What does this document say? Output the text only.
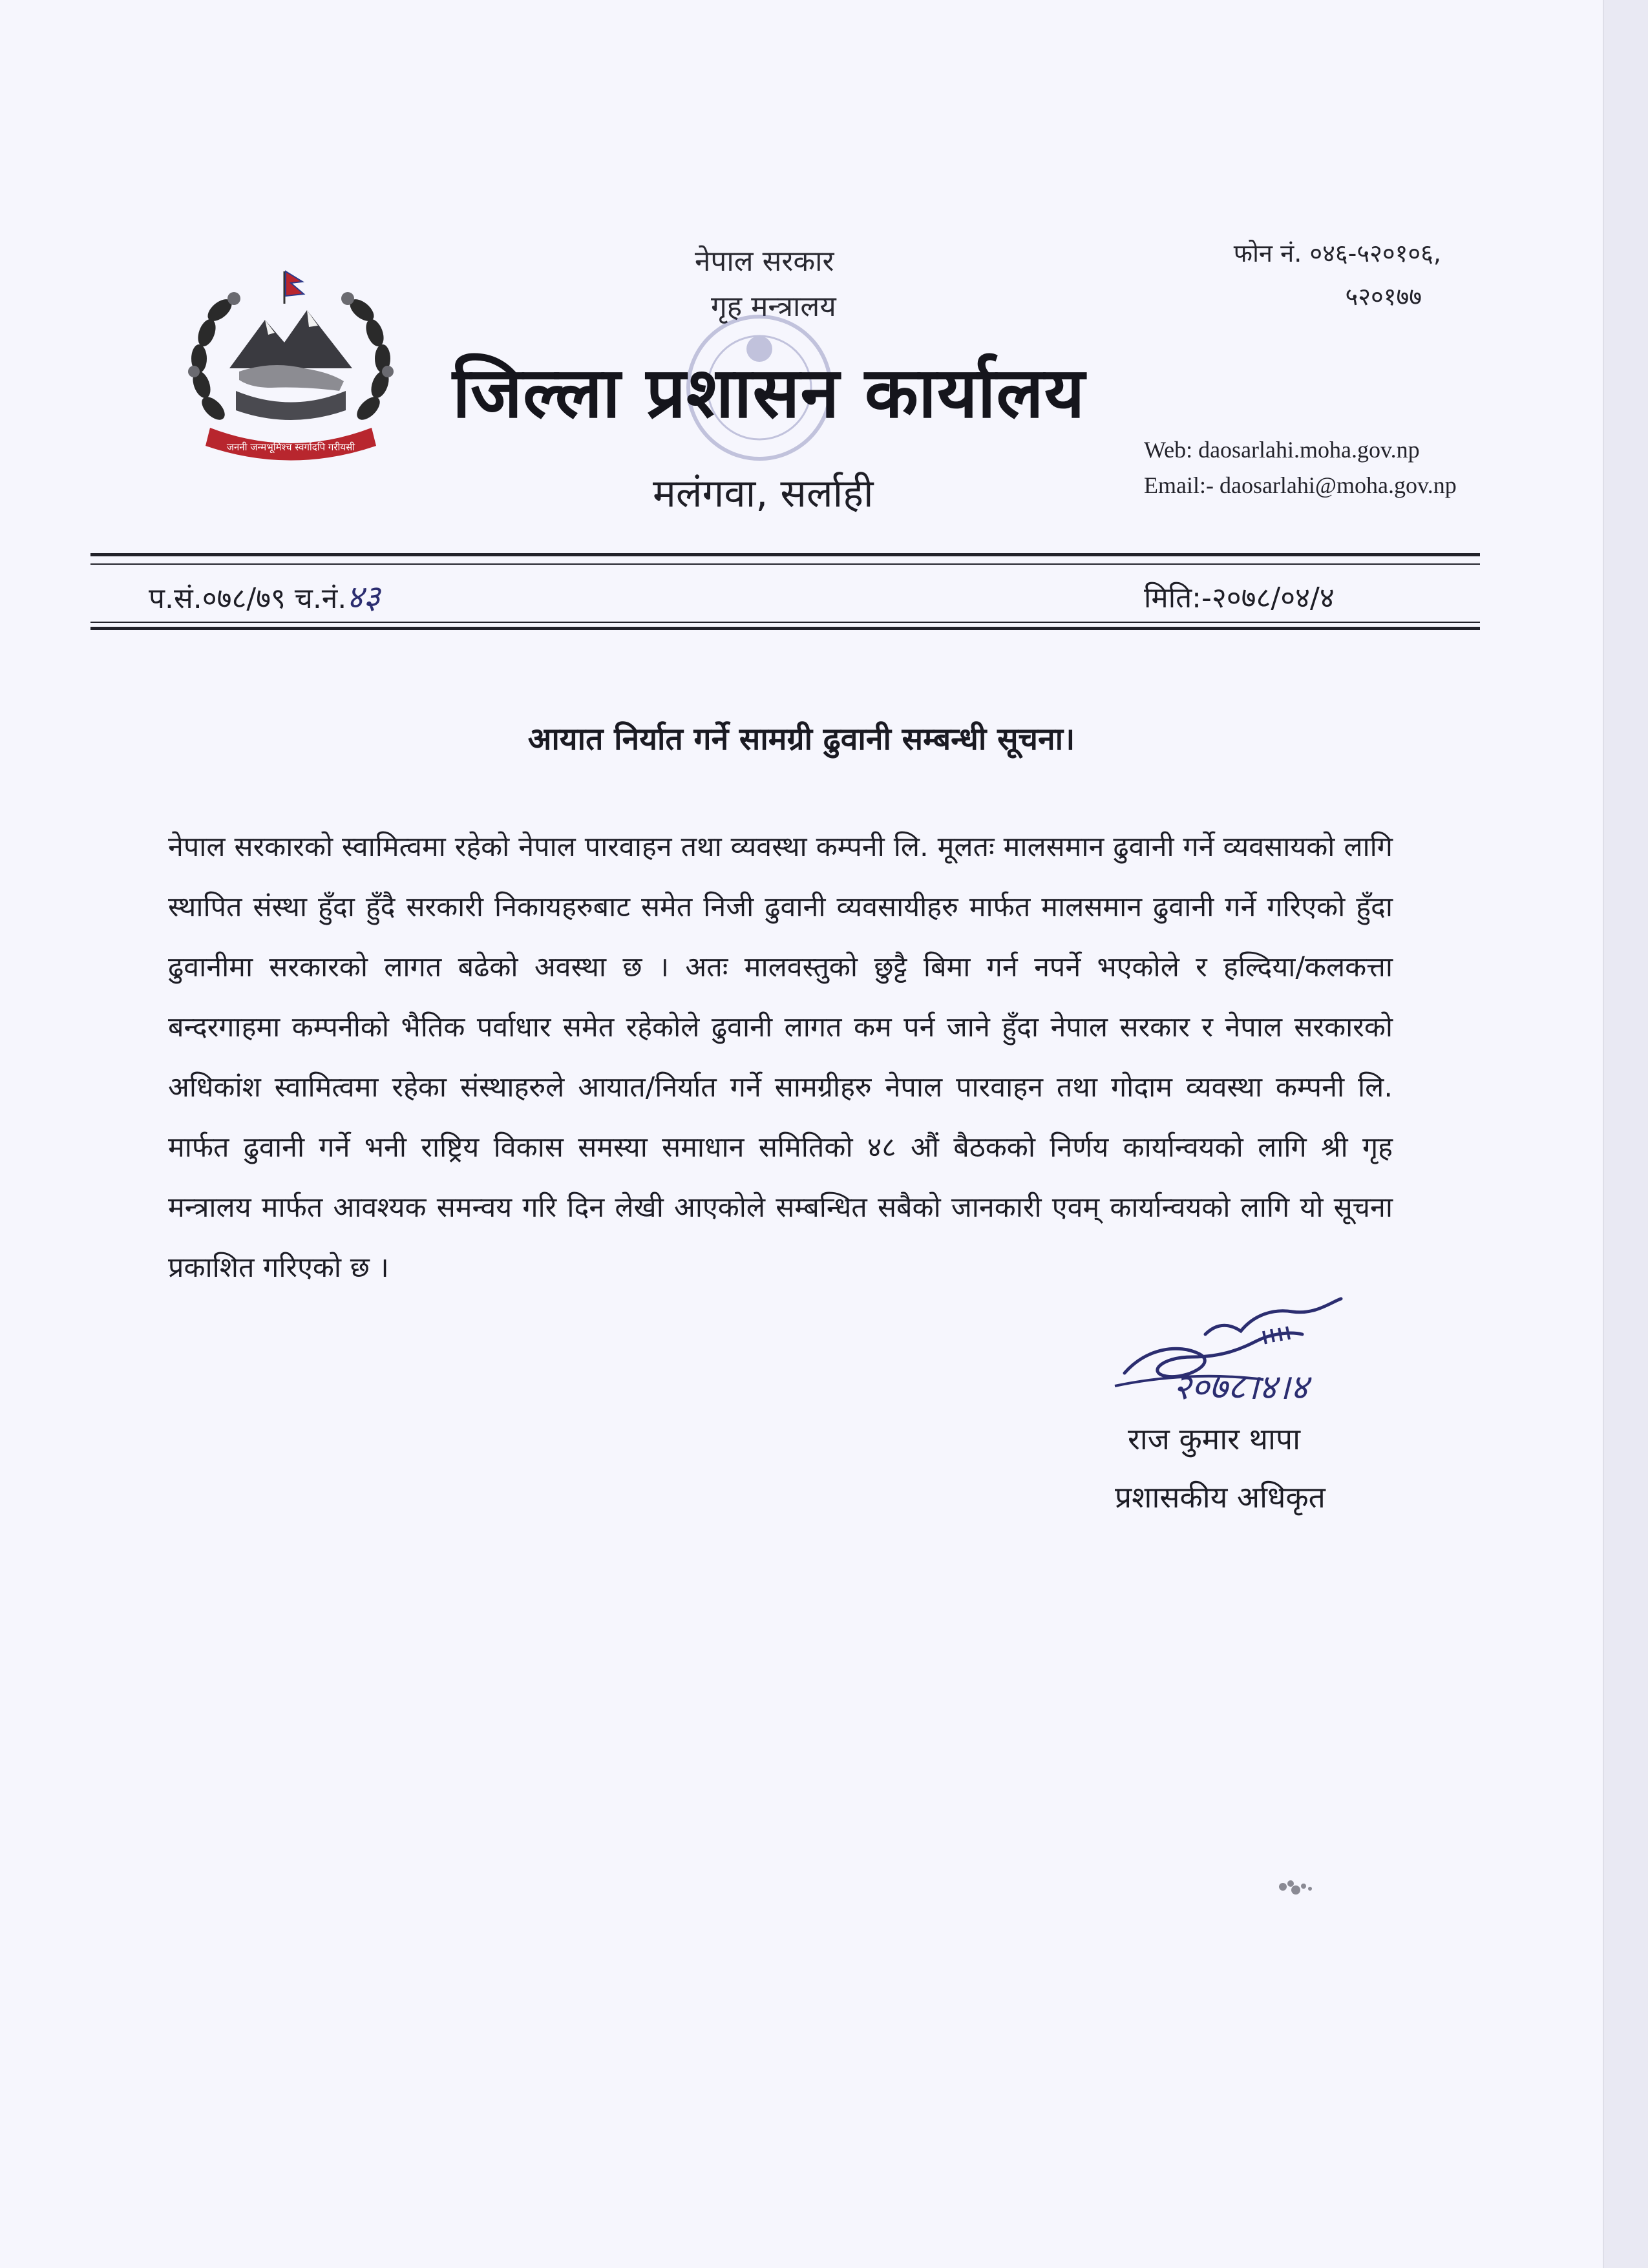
जननी जन्मभूमिश्च स्वर्गादपि गरीयसी
नेपाल सरकार
गृह मन्त्रालय
जिल्ला प्रशासन कार्यालय
मलंगवा, सर्लाही
फोन नं. ०४६-५२०१०६,
५२०१७७
Web: daosarlahi.moha.gov.np
Email:- daosarlahi@moha.gov.np
प.सं.०७८/७९ च.नं.४३	मिति:-२०७८/०४/४
आयात निर्यात गर्ने सामग्री ढुवानी सम्बन्धी सूचना।
नेपाल सरकारको स्वामित्वमा रहेको नेपाल पारवाहन तथा व्यवस्था कम्पनी लि. मूलतः मालसमान ढुवानी गर्ने व्यवसायको लागि स्थापित संस्था हुँदा हुँदै सरकारी निकायहरुबाट समेत निजी ढुवानी व्यवसायीहरु मार्फत मालसमान ढुवानी गर्ने गरिएको हुँदा ढुवानीमा सरकारको लागत बढेको अवस्था छ । अतः मालवस्तुको छुट्टै बिमा गर्न नपर्ने भएकोले र हल्दिया/कलकत्ता बन्दरगाहमा कम्पनीको भैतिक पर्वाधार समेत रहेकोले ढुवानी लागत कम पर्न जाने हुँदा नेपाल सरकार र नेपाल सरकारको अधिकांश स्वामित्वमा रहेका संस्थाहरुले आयात/निर्यात गर्ने सामग्रीहरु नेपाल पारवाहन तथा गोदाम व्यवस्था कम्पनी लि. मार्फत ढुवानी गर्ने भनी राष्ट्रिय विकास समस्या समाधान समितिको ४८ औं बैठकको निर्णय कार्यान्वयको लागि श्री गृह मन्त्रालय मार्फत आवश्यक समन्वय गरि दिन लेखी आएकोले सम्बन्धित सबैको जानकारी एवम् कार्यान्वयको लागि यो सूचना प्रकाशित गरिएको छ ।
२०७८।४।४
राज कुमार थापा
प्रशासकीय अधिकृत
